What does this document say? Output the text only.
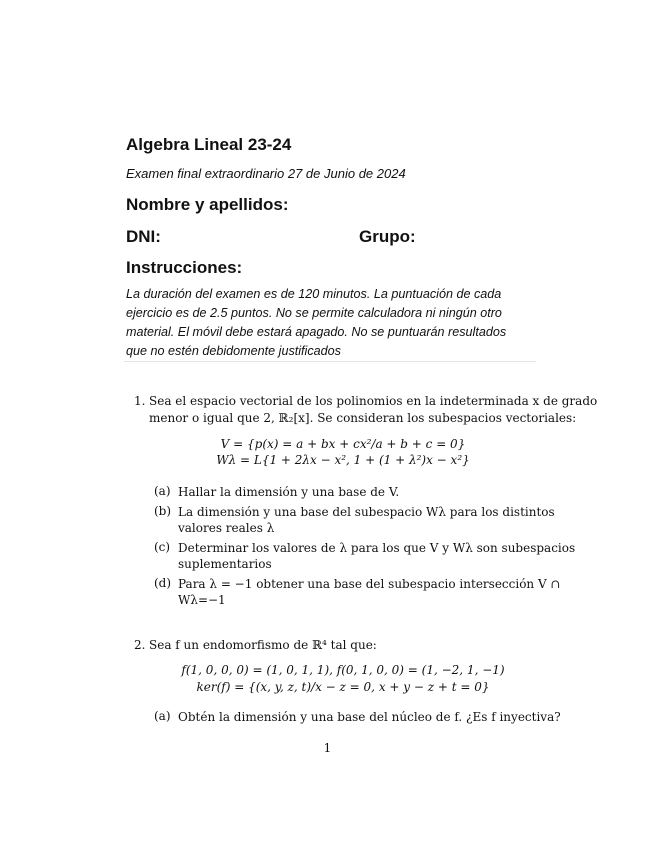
Algebra Lineal 23-24
Examen final extraordinario 27 de Junio de 2024
Nombre y apellidos:
DNI:	Grupo:
Instrucciones:
La duración del examen es de 120 minutos. La puntuación de cada
ejercicio es de 2.5 puntos. No se permite calculadora ni ningún otro
material. El móvil debe estará apagado. No se puntuarán resultados
que no estén debidomente justificados
1. Sea el espacio vectorial de los polinomios en la indeterminada x de grado
menor o igual que 2, ℝ₂[x]. Se consideran los subespacios vectoriales:
V = {p(x) = a + bx + cx²/a + b + c = 0}
Wλ = L{1 + 2λx − x², 1 + (1 + λ²)x − x²}
(a) Hallar la dimensión y una base de V.
(b) La dimensión y una base del subespacio Wλ para los distintos
valores reales λ
(c) Determinar los valores de λ para los que V y Wλ son subespacios
suplementarios
(d) Para λ = −1 obtener una base del subespacio intersección V ∩
Wλ=−1
2. Sea f un endomorfismo de ℝ⁴ tal que:
f(1, 0, 0, 0) = (1, 0, 1, 1), f(0, 1, 0, 0) = (1, −2, 1, −1)
ker(f) = {(x, y, z, t)/x − z = 0, x + y − z + t = 0}
(a) Obtén la dimensión y una base del núcleo de f. ¿Es f inyectiva?
1
